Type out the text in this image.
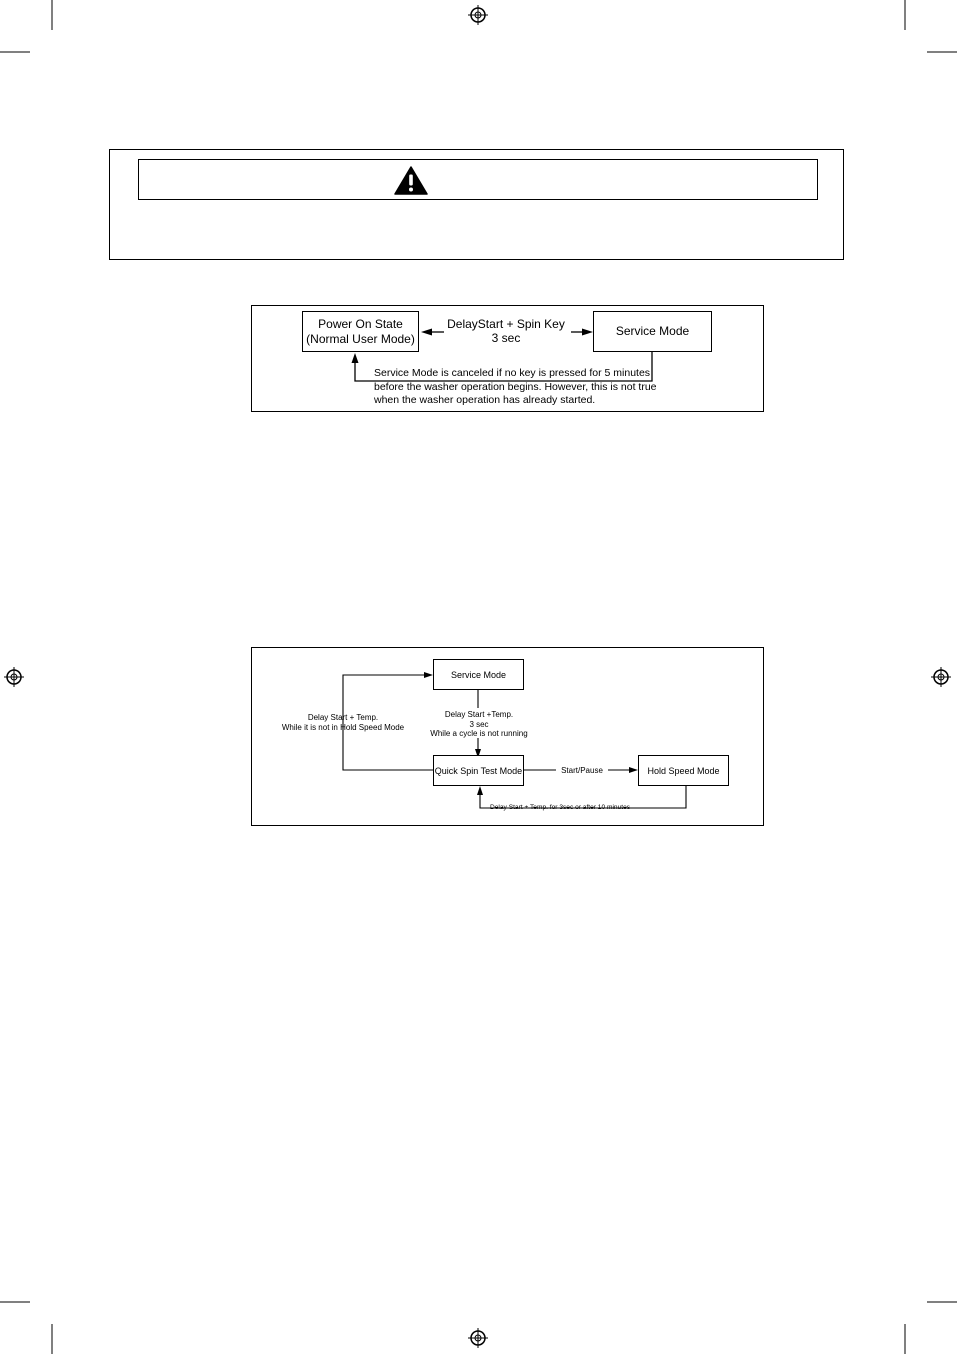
Power On State
(Normal User Mode)
Service Mode
DelayStart + Spin Key
3 sec
Service Mode is canceled if no key is pressed for 5 minutes
before the washer operation begins. However, this is not true
when the washer operation has already started.
Service Mode
Quick Spin Test Mode	Hold Speed Mode
Delay Start +Temp.
3 sec
While a cycle is not running
Delay Start + Temp.
While it is not in Hold Speed Mode
Start/Pause
Delay Start + Temp. for 3sec or after 10 minutes
